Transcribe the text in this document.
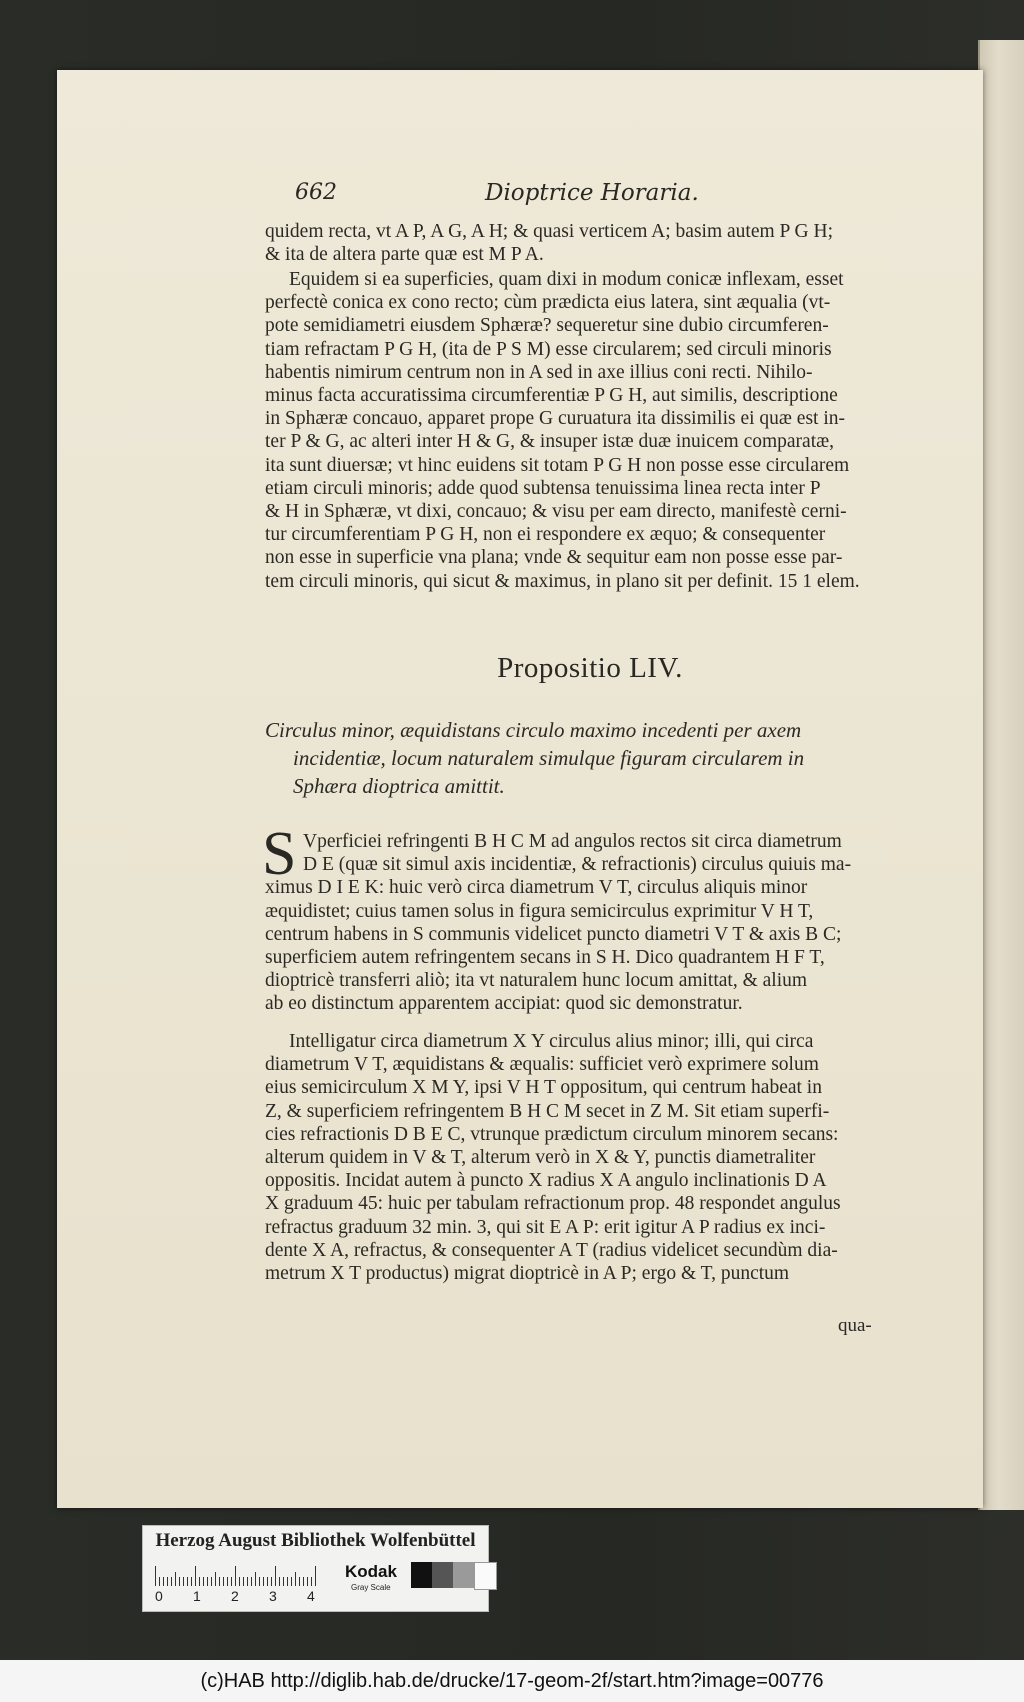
662	Dioptrice Horaria.
quidem recta, vt A P, A G, A H; & quasi verticem A; basim autem P G H;
& ita de altera parte quæ est M P A.
Equidem si ea superficies, quam dixi in modum conicæ inflexam, esset
perfectè conica ex cono recto; cùm prædicta eius latera, sint æqualia (vt-
pote semidiametri eiusdem Sphæræ? sequeretur sine dubio circumferen-
tiam refractam P G H, (ita de P S M) esse circularem; sed circuli minoris
habentis nimirum centrum non in A sed in axe illius coni recti. Nihilo-
minus facta accuratissima circumferentiæ P G H, aut similis, descriptione
in Sphæræ concauo, apparet prope G curuatura ita dissimilis ei quæ est in-
ter P & G, ac alteri inter H & G, & insuper istæ duæ inuicem comparatæ,
ita sunt diuersæ; vt hinc euidens sit totam P G H non posse esse circularem
etiam circuli minoris; adde quod subtensa tenuissima linea recta inter P
& H in Sphæræ, vt dixi, concauo; & visu per eam directo, manifestè cerni-
tur circumferentiam P G H, non ei respondere ex æquo; & consequenter
non esse in superficie vna plana; vnde & sequitur eam non posse esse par-
tem circuli minoris, qui sicut & maximus, in plano sit per definit. 15 1 elem.
Propositio LIV.
Circulus minor, æquidistans circulo maximo incedenti per axem
incidentiæ, locum naturalem simulque figuram circularem in
Sphæra dioptrica amittit.
S Vperficiei refringenti B H C M ad angulos rectos sit circa diametrum
D E (quæ sit simul axis incidentiæ, & refractionis) circulus quiuis ma-
ximus D I E K: huic verò circa diametrum V T, circulus aliquis minor
æquidistet; cuius tamen solus in figura semicirculus exprimitur V H T,
centrum habens in S communis videlicet puncto diametri V T & axis B C;
superficiem autem refringentem secans in S H. Dico quadrantem H F T,
dioptricè transferri aliò; ita vt naturalem hunc locum amittat, & alium
ab eo distinctum apparentem accipiat: quod sic demonstratur.
Intelligatur circa diametrum X Y circulus alius minor; illi, qui circa
diametrum V T, æquidistans & æqualis: sufficiet verò exprimere solum
eius semicirculum X M Y, ipsi V H T oppositum, qui centrum habeat in
Z, & superficiem refringentem B H C M secet in Z M. Sit etiam superfi-
cies refractionis D B E C, vtrunque prædictum circulum minorem secans:
alterum quidem in V & T, alterum verò in X & Y, punctis diametraliter
oppositis. Incidat autem à puncto X radius X A angulo inclinationis D A
X graduum 45: huic per tabulam refractionum prop. 48 respondet angulus
refractus graduum 32 min. 3, qui sit E A P: erit igitur A P radius ex inci-
dente X A, refractus, & consequenter A T (radius videlicet secundùm dia-
metrum X T productus) migrat dioptricè in A P; ergo & T, punctum
qua-
Herzog August Bibliothek Wolfenbüttel
0 1 2 3 4
Kodak
Gray Scale
(c)HAB http://diglib.hab.de/drucke/17-geom-2f/start.htm?image=00776
